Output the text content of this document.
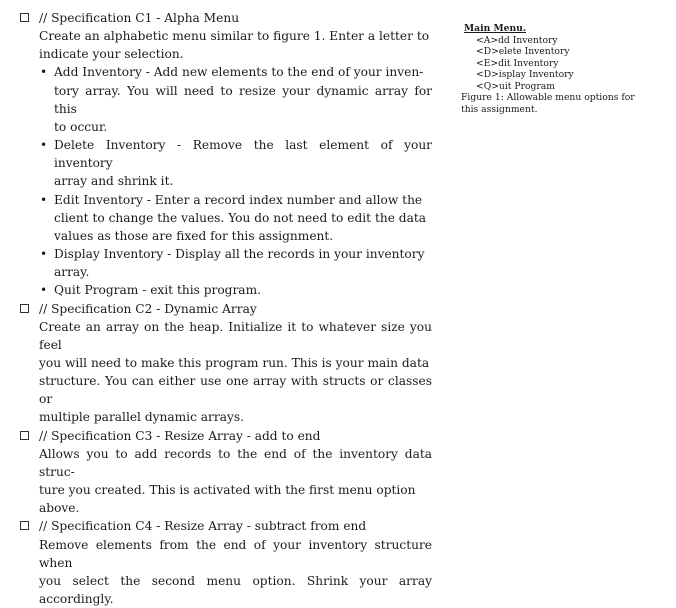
// Specification C1 - Alpha Menu
Create an alphabetic menu similar to figure 1. Enter a letter to
indicate your selection.
• Add Inventory - Add new elements to the end of your inven-
tory array. You will need to resize your dynamic array for this
to occur.
• Delete Inventory - Remove the last element of your inventory
array and shrink it.
• Edit Inventory - Enter a record index number and allow the
client to change the values. You do not need to edit the data
values as those are fixed for this assignment.
• Display Inventory - Display all the records in your inventory
array.
• Quit Program - exit this program.
// Specification C2 - Dynamic Array
Create an array on the heap. Initialize it to whatever size you feel
you will need to make this program run. This is your main data
structure. You can either use one array with structs or classes or
multiple parallel dynamic arrays.
// Specification C3 - Resize Array - add to end
Allows you to add records to the end of the inventory data struc-
ture you created. This is activated with the first menu option
above.
// Specification C4 - Resize Array - subtract from end
Remove elements from the end of your inventory structure when
you select the second menu option. Shrink your array accordingly.
Main Menu.
<A>dd Inventory
<D>elete Inventory
<E>dit Inventory
<D>isplay Inventory
<Q>uit Program
Figure 1: Allowable menu options for
this assignment.
